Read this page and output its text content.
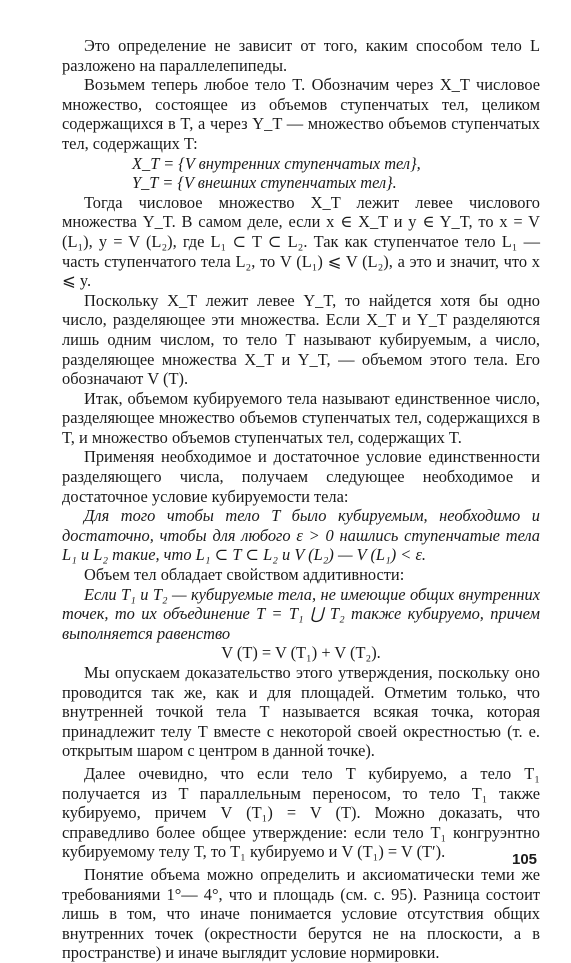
Это определение не зависит от того, каким способом тело L разложено на параллелепипеды.

Возьмем теперь любое тело T. Обозначим через X_T числовое множество, состоящее из объемов ступенчатых тел, целиком содержащихся в T, а через Y_T — множество объемов ступенчатых тел, содержащих T:

X_T = {V внутренних ступенчатых тел},

Y_T = {V внешних ступенчатых тел}.

Тогда числовое множество X_T лежит левее числового множества Y_T. В самом деле, если x ∈ X_T и y ∈ Y_T, то x = V (L₁), y = V (L₂), где L₁ ⊂ T ⊂ L₂. Так как ступенчатое тело L₁ — часть ступенчатого тела L₂, то V (L₁) ⩽ V (L₂), а это и значит, что x ⩽ y.

Поскольку X_T лежит левее Y_T, то найдется хотя бы одно число, разделяющее эти множества. Если X_T и Y_T разделяются лишь одним числом, то тело T называют кубируемым, а число, разделяющее множества X_T и Y_T, — объемом этого тела. Его обозначают V (T).

Итак, объемом кубируемого тела называют единственное число, разделяющее множество объемов ступенчатых тел, содержащихся в T, и множество объемов ступенчатых тел, содержащих T.

Применяя необходимое и достаточное условие единственности разделяющего числа, получаем следующее необходимое и достаточное условие кубируемости тела:

Для того чтобы тело T было кубируемым, необходимо и достаточно, чтобы для любого ε > 0 нашлись ступенчатые тела L₁ и L₂ такие, что L₁ ⊂ T ⊂ L₂ и V (L₂) — V (L₁) < ε.

Объем тел обладает свойством аддитивности:

Если T₁ и T₂ — кубируемые тела, не имеющие общих внутренних точек, то их объединение T = T₁ ⋃ T₂ также кубируемо, причем выполняется равенство

V (T) = V (T₁) + V (T₂).

Мы опускаем доказательство этого утверждения, поскольку оно проводится так же, как и для площадей. Отметим только, что внутренней точкой тела T называется всякая точка, которая принадлежит телу T вместе с некоторой своей окрестностью (т. е. открытым шаром с центром в данной точке).

Далее очевидно, что если тело T кубируемо, а тело T₁ получается из T параллельным переносом, то тело T₁ также кубируемо, причем V (T₁) = V (T). Можно доказать, что справедливо более общее утверждение: если тело T₁ конгруэнтно кубируемому телу T, то T₁ кубируемо и V (T₁) = V (T′).

Понятие объема можно определить и аксиоматически теми же требованиями 1°— 4°, что и площадь (см. с. 95). Разница состоит лишь в том, что иначе понимается условие отсутствия общих внутренних точек (окрестности берутся не на плоскости, а в пространстве) и иначе выглядит условие нормировки.

105
